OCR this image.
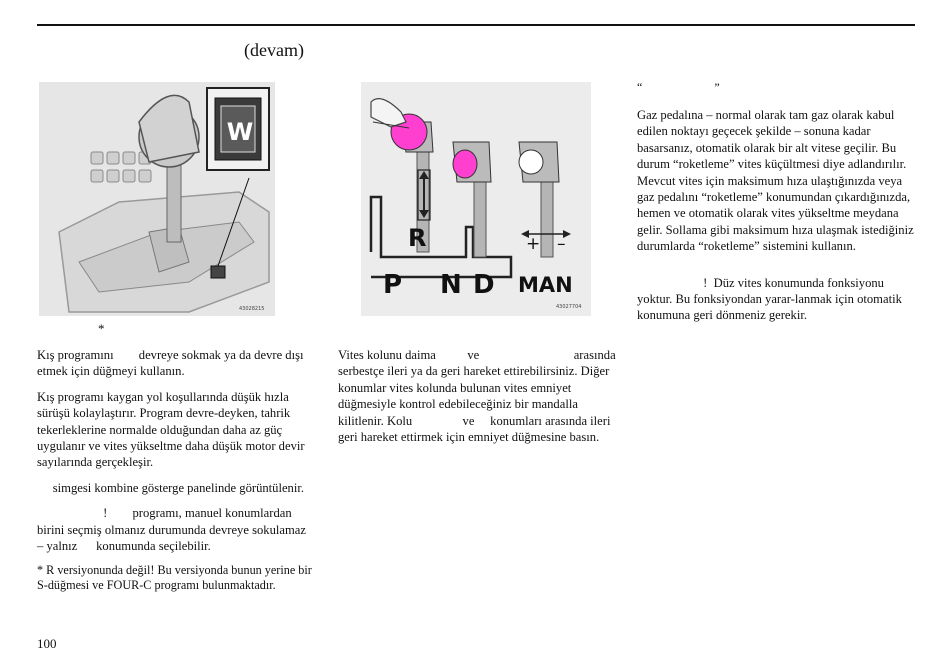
(devam)
W
43028215
R	+ –
P N D MAN
43027704
*

Kış programını        devreye sokmak ya da devre dışı etmek için düğmeyi kullanın.

Kış programı kaygan yol koşullarında düşük hızla sürüşü kolaylaştırır. Program devre-deyken, tahrik tekerleklerine normalde olduğundan daha az güç uygulanır ve vites yükseltme daha düşük motor devir sayılarında gerçekleşir.

simgesi kombine gösterge panelinde görüntülenir.

!        programı, manuel konumlardan birini seçmiş olmanız durumunda devreye sokulamaz – yalnız      konumunda seçilebilir.

* R versiyonunda değil! Bu versiyonda bunun yerine bir S-düğmesi ve FOUR-C programı bulunmaktadır.

100

Vites kolunu daima          ve                              arasında serbestçe ileri ya da geri hareket ettirebilirsiniz. Diğer konumlar vites kolunda bulunan vites emniyet düğmesiyle kontrol edebileceğiniz bir mandalla kilitlenir. Kolu                ve     konumları arasında ileri geri hareket ettirmek için emniyet düğmesine basın.

“                        ”

Gaz pedalına – normal olarak tam gaz olarak kabul edilen noktayı geçecek şekilde – sonuna kadar basarsanız, otomatik olarak bir alt vitese geçilir. Bu durum “roketleme” vites küçültmesi diye adlandırılır. Mevcut vites için maksimum hıza ulaştığınızda veya gaz pedalını “roketleme” konumundan çıkardığınızda, hemen ve otomatik olarak vites yükseltme meydana gelir. Sollama gibi maksimum hıza ulaşmak istediğiniz durumlarda “roketleme” sistemini kullanın.

!  Düz vites konumunda fonksiyonu yoktur. Bu fonksiyondan yarar-lanmak için otomatik konumuna geri dönmeniz gerekir.
